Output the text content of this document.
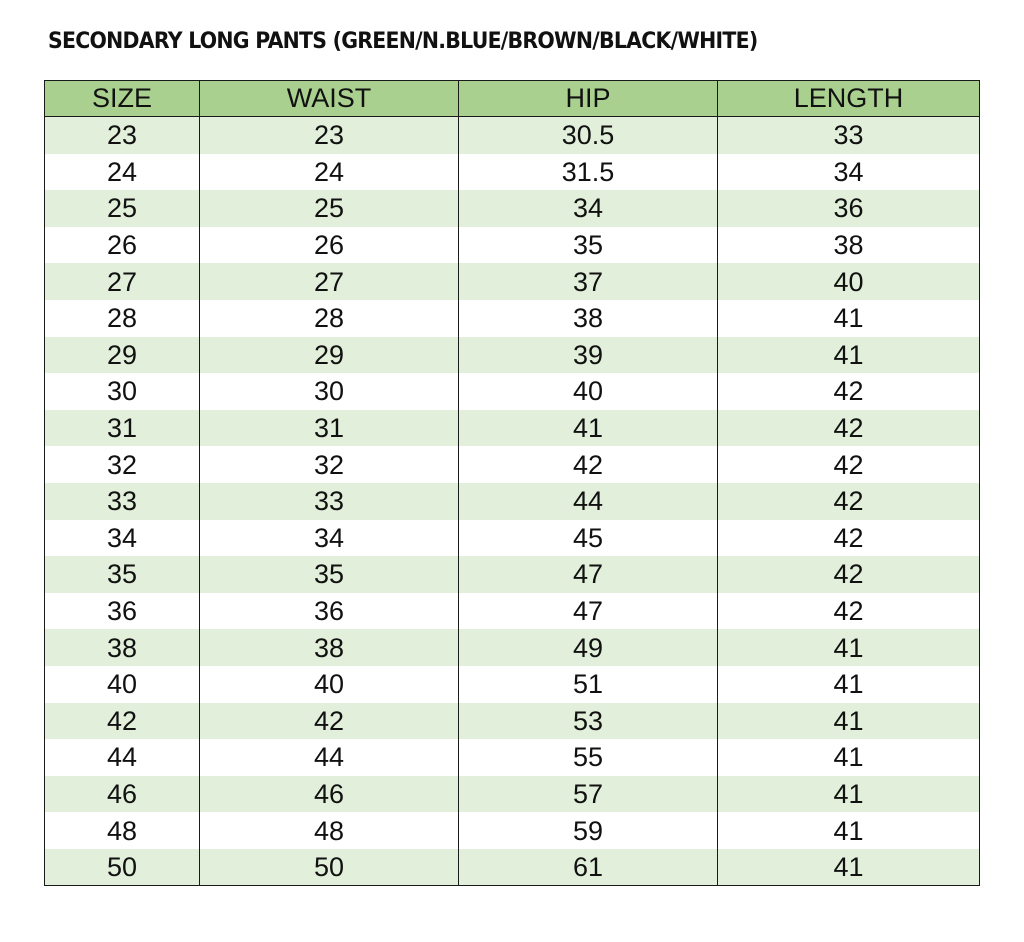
SECONDARY LONG PANTS (GREEN/N.BLUE/BROWN/BLACK/WHITE)
SIZE	WAIST	HIP	LENGTH
23	23	30.5	33
24	24	31.5	34
25	25	34	36
26	26	35	38
27	27	37	40
28	28	38	41
29	29	39	41
30	30	40	42
31	31	41	42
32	32	42	42
33	33	44	42
34	34	45	42
35	35	47	42
36	36	47	42
38	38	49	41
40	40	51	41
42	42	53	41
44	44	55	41
46	46	57	41
48	48	59	41
50	50	61	41
